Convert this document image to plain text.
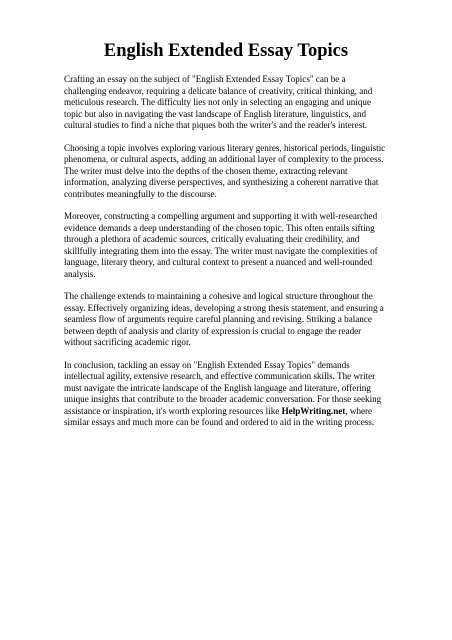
English Extended Essay Topics

Crafting an essay on the subject of "English Extended Essay Topics" can be a challenging endeavor, requiring a delicate balance of creativity, critical thinking, and meticulous research. The difficulty lies not only in selecting an engaging and unique topic but also in navigating the vast landscape of English literature, linguistics, and cultural studies to find a niche that piques both the writer's and the reader's interest.

Choosing a topic involves exploring various literary genres, historical periods, linguistic phenomena, or cultural aspects, adding an additional layer of complexity to the process. The writer must delve into the depths of the chosen theme, extracting relevant information, analyzing diverse perspectives, and synthesizing a coherent narrative that contributes meaningfully to the discourse.

Moreover, constructing a compelling argument and supporting it with well-researched evidence demands a deep understanding of the chosen topic. This often entails sifting through a plethora of academic sources, critically evaluating their credibility, and skillfully integrating them into the essay. The writer must navigate the complexities of language, literary theory, and cultural context to present a nuanced and well-rounded analysis.

The challenge extends to maintaining a cohesive and logical structure throughout the essay. Effectively organizing ideas, developing a strong thesis statement, and ensuring a seamless flow of arguments require careful planning and revising. Striking a balance between depth of analysis and clarity of expression is crucial to engage the reader without sacrificing academic rigor.

In conclusion, tackling an essay on "English Extended Essay Topics" demands intellectual agility, extensive research, and effective communication skills. The writer must navigate the intricate landscape of the English language and literature, offering unique insights that contribute to the broader academic conversation. For those seeking assistance or inspiration, it's worth exploring resources like HelpWriting.net, where similar essays and much more can be found and ordered to aid in the writing process.
